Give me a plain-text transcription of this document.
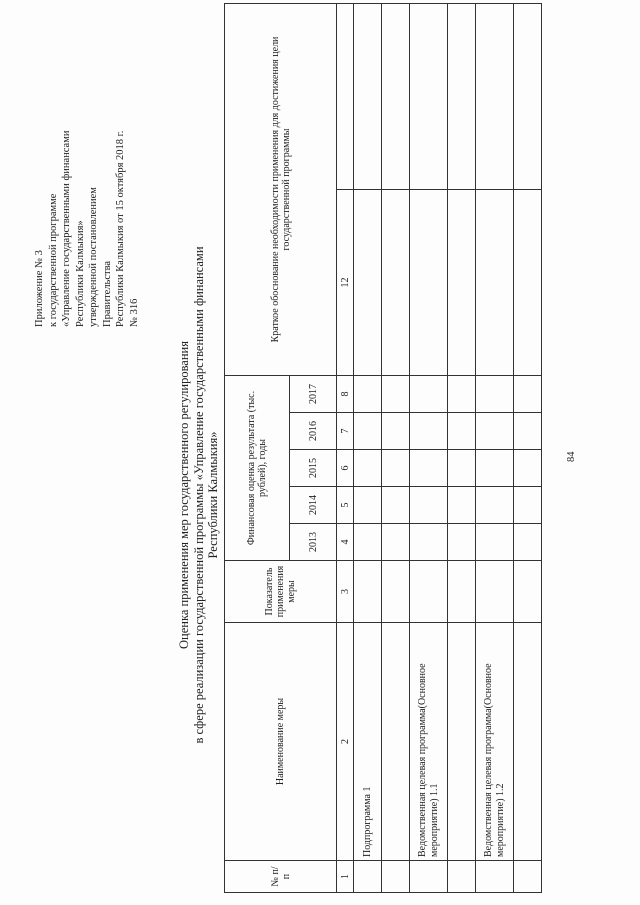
Приложение № 3 к государственной программе «Управление государственными финансами Республики Калмыкия» утвержденной постановлением Правительства Республики Калмыкия от 15 октября 2018 г. № 316
Оценка применения мер государственного регулирования в сфере реализации государственной программы «Управление государственными финансами Республики Калмыкия»
№ п/п	Наименование меры	Показатель применения меры	Финансовая оценка результата (тыс. рублей), годы					Краткое обоснование необходимости применения для достижения цели государственной программы	
			2013	2014	2015	2016	2017		
1	2	3	4	5	6	7	8	12	
	Подпрограмма 1								

	Ведомственная целевая программа(Основное мероприятие) 1.1								

	Ведомственная целевая программа(Основное мероприятие) 1.2								

84
